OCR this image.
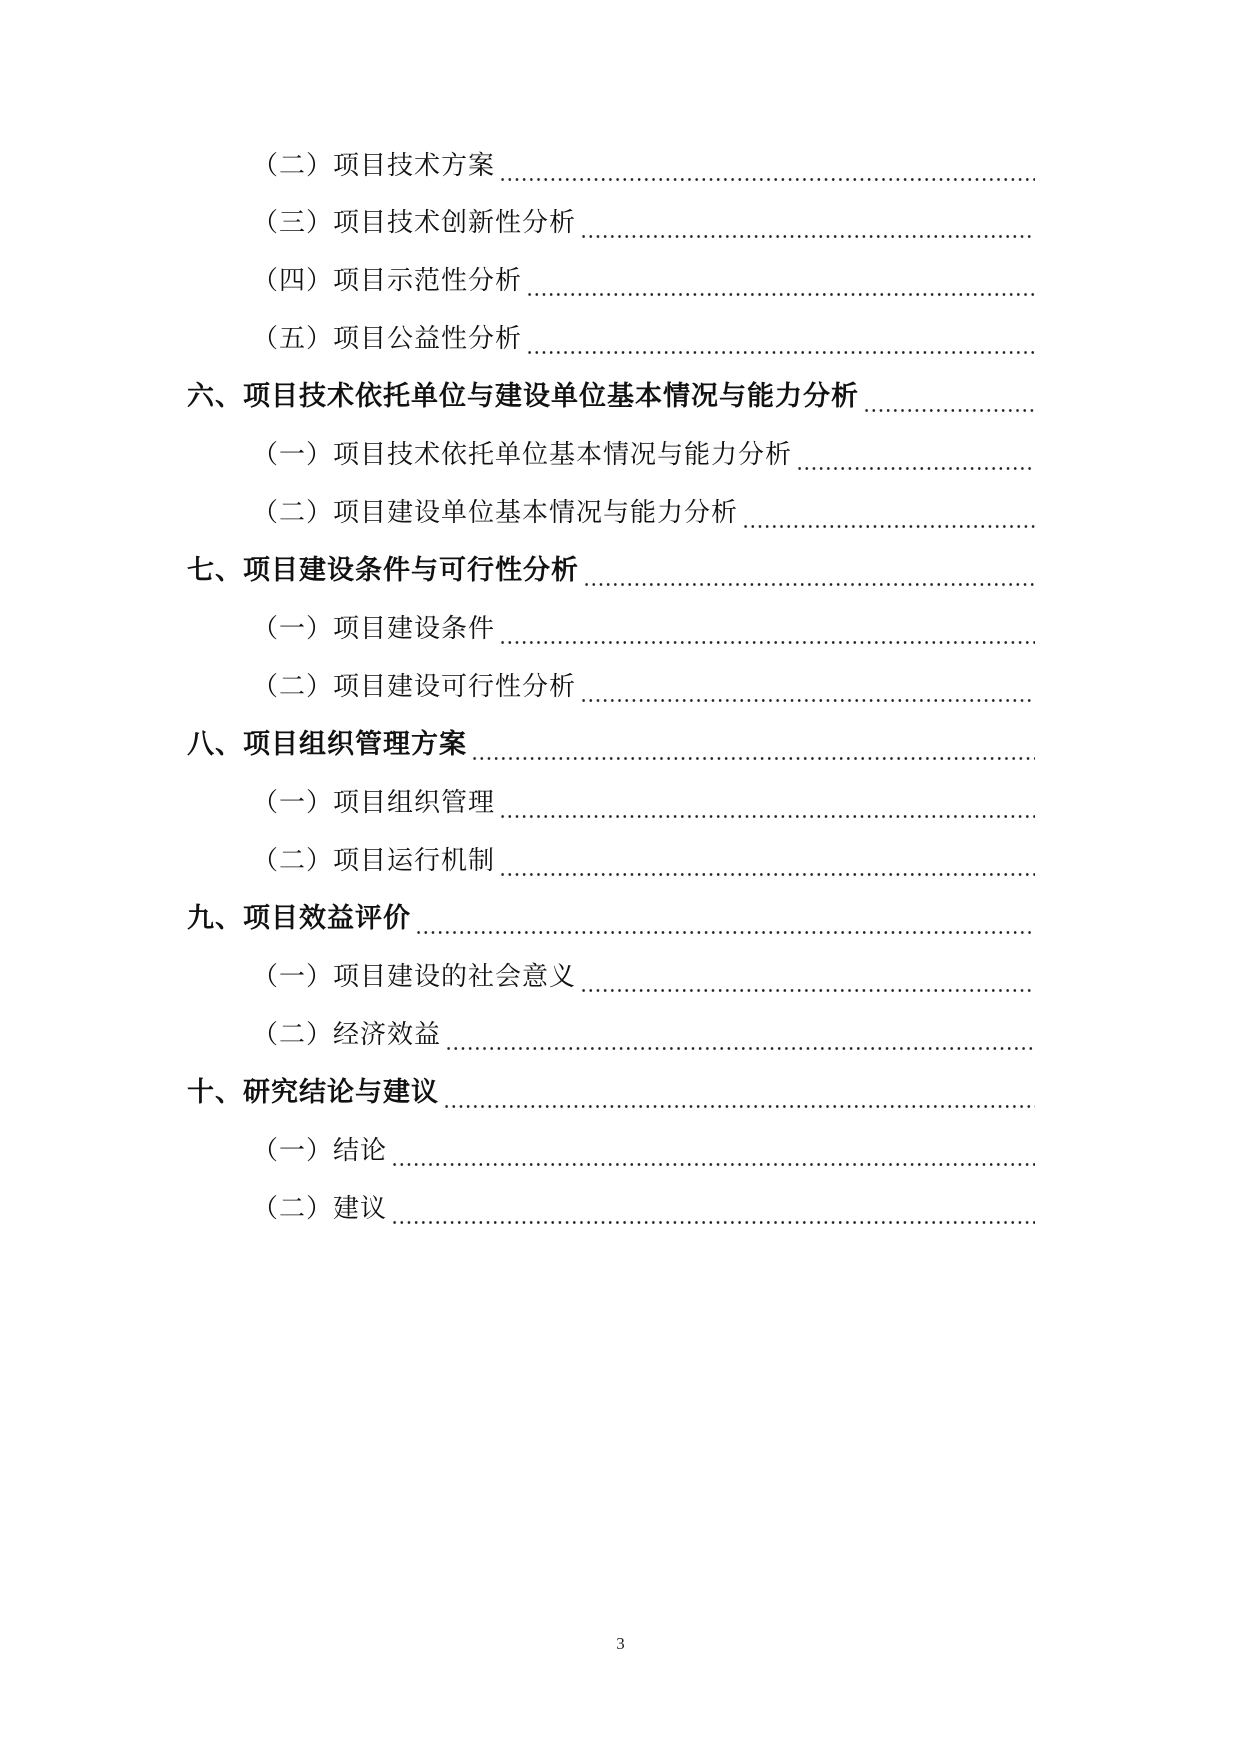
（二）项目技术方案
（三）项目技术创新性分析
（四）项目示范性分析
（五）项目公益性分析
六、项目技术依托单位与建设单位基本情况与能力分析
（一）项目技术依托单位基本情况与能力分析
（二）项目建设单位基本情况与能力分析
七、项目建设条件与可行性分析
（一）项目建设条件
（二）项目建设可行性分析
八、项目组织管理方案
（一）项目组织管理
（二）项目运行机制
九、项目效益评价
（一）项目建设的社会意义
（二）经济效益
十、研究结论与建议
（一）结论
（二）建议
3
